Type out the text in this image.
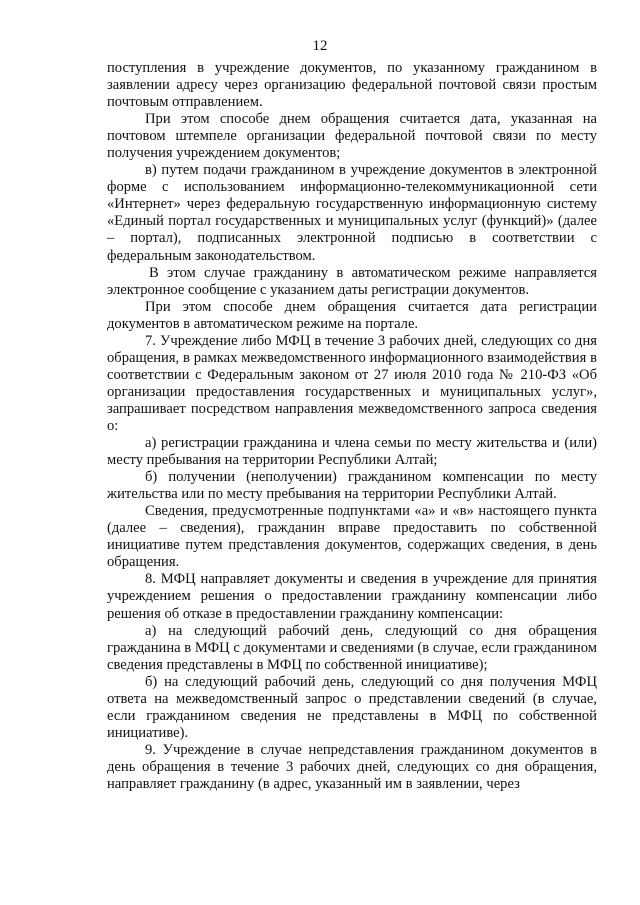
12

поступления в учреждение документов, по указанному гражданином в заявлении адресу через организацию федеральной почтовой связи простым почтовым отправлением.

При этом способе днем обращения считается дата, указанная на почтовом штемпеле организации федеральной почтовой связи по месту получения учреждением документов;

в) путем подачи гражданином в учреждение документов в электронной форме с использованием информационно-телекоммуникационной сети «Интернет» через федеральную государственную информационную систему «Единый портал государственных и муниципальных услуг (функций)» (далее – портал), подписанных электронной подписью в соответствии с федеральным законодательством.

В этом случае гражданину в автоматическом режиме направляется электронное сообщение с указанием даты регистрации документов.

При этом способе днем обращения считается дата регистрации документов в автоматическом режиме на портале.

7. Учреждение либо МФЦ в течение 3 рабочих дней, следующих со дня обращения, в рамках межведомственного информационного взаимодействия в соответствии с Федеральным законом от 27 июля 2010 года № 210-ФЗ «Об организации предоставления государственных и муниципальных услуг», запрашивает посредством направления межведомственного запроса сведения о:

а) регистрации гражданина и члена семьи по месту жительства и (или) месту пребывания на территории Республики Алтай;

б) получении (неполучении) гражданином компенсации по месту жительства или по месту пребывания на территории Республики Алтай.

Сведения, предусмотренные подпунктами «а» и «в» настоящего пункта (далее – сведения), гражданин вправе предоставить по собственной инициативе путем представления документов, содержащих сведения, в день обращения.

8. МФЦ направляет документы и сведения в учреждение для принятия учреждением решения о предоставлении гражданину компенсации либо решения об отказе в предоставлении гражданину компенсации:

а) на следующий рабочий день, следующий со дня обращения гражданина в МФЦ с документами и сведениями (в случае, если гражданином сведения представлены в МФЦ по собственной инициативе);

б) на следующий рабочий день, следующий со дня получения МФЦ ответа на межведомственный запрос о представлении сведений (в случае, если гражданином сведения не представлены в МФЦ по собственной инициативе).

9. Учреждение в случае непредставления гражданином документов в день обращения в течение 3 рабочих дней, следующих со дня обращения, направляет гражданину (в адрес, указанный им в заявлении, через
